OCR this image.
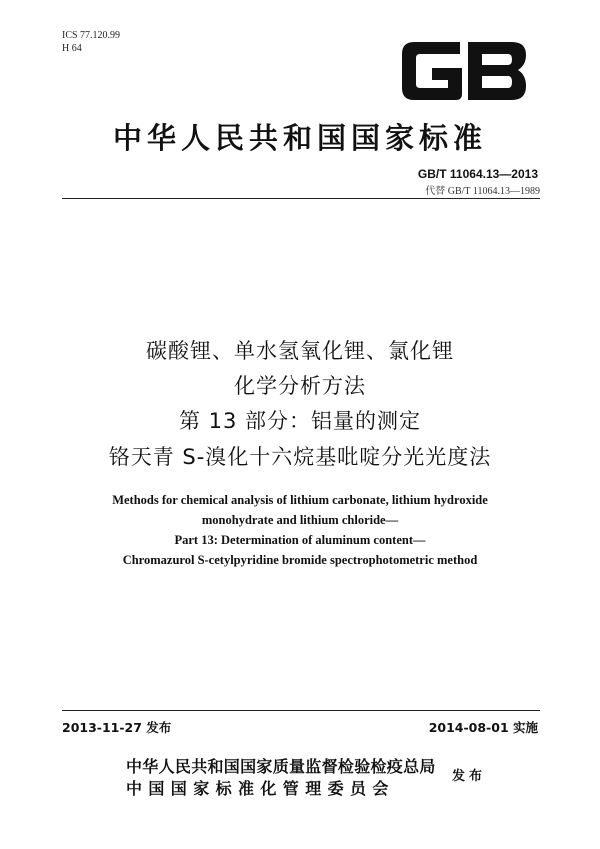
ICS 77.120.99
H 64
GB
中华人民共和国国家标准
GB/T 11064.13—2013
代替 GB/T 11064.13—1989
碳酸锂、单水氢氧化锂、氯化锂
化学分析方法
第 13 部分：铝量的测定
铬天青 S-溴化十六烷基吡啶分光光度法
Methods for chemical analysis of lithium carbonate, lithium hydroxide
monohydrate and lithium chloride—
Part 13: Determination of aluminum content—
Chromazurol S-cetylpyridine bromide spectrophotometric method
2013-11-27 发布	2014-08-01 实施
中华人民共和国国家质量监督检验检疫总局
中国国家标准化管理委员会
发布
